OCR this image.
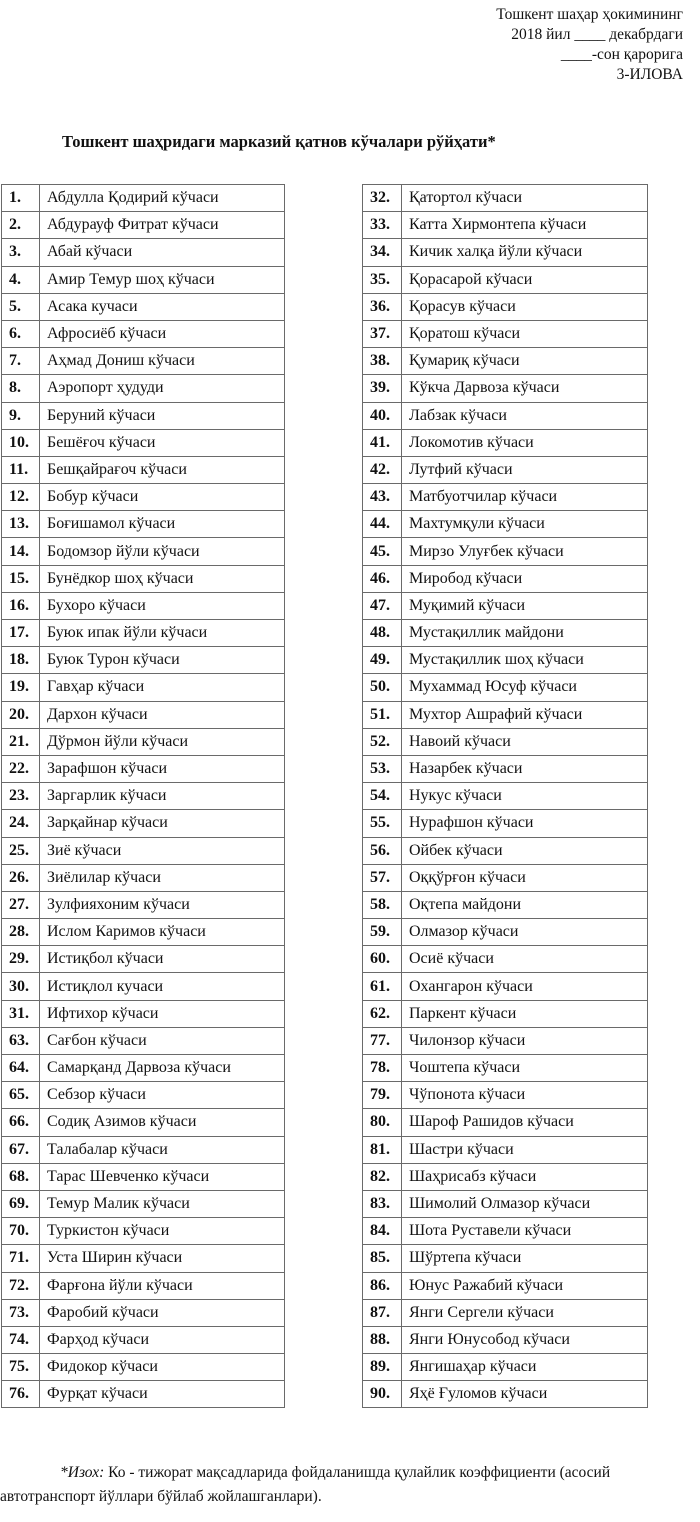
Тошкент шаҳар ҳокимининг
2018 йил ____ декабрдаги
____-сон қарорига
3-ИЛОВА
Тошкент шаҳридаги марказий қатнов кўчалари рўйҳати*
1.	Абдулла Қодирий кўчаси
2.	Абдурауф Фитрат кўчаси
3.	Абай кўчаси
4.	Амир Темур шоҳ кўчаси
5.	Асака кучаси
6.	Афросиёб кўчаси
7.	Аҳмад Дониш кўчаси
8.	Аэропорт ҳудуди
9.	Беруний кўчаси
10.	Бешёғоч кўчаси
11.	Бешқайрағоч кўчаси
12.	Бобур кўчаси
13.	Боғишамол кўчаси
14.	Бодомзор йўли кўчаси
15.	Бунёдкор шоҳ кўчаси
16.	Бухоро кўчаси
17.	Буюк ипак йўли кўчаси
18.	Буюк Турон кўчаси
19.	Гавҳар кўчаси
20.	Дархон кўчаси
21.	Дўрмон йўли кўчаси
22.	Зарафшон кўчаси
23.	Заргарлик кўчаси
24.	Зарқайнар кўчаси
25.	Зиё кўчаси
26.	Зиёлилар кўчаси
27.	Зулфияхоним кўчаси
28.	Ислом Каримов кўчаси
29.	Истиқбол кўчаси
30.	Истиқлол кучаси
31.	Ифтихор кўчаси
63.	Сағбон кўчаси
64.	Самарқанд Дарвоза кўчаси
65.	Себзор кўчаси
66.	Содиқ Азимов кўчаси
67.	Талабалар кўчаси
68.	Тарас Шевченко кўчаси
69.	Темур Малик кўчаси
70.	Туркистон кўчаси
71.	Уста Ширин кўчаси
72.	Фарғона йўли кўчаси
73.	Фаробий кўчаси
74.	Фарҳод кўчаси
75.	Фидокор кўчаси
76.	Фурқат кўчаси
32.	Қатортол кўчаси
33.	Катта Хирмонтепа кўчаси
34.	Кичик халқа йўли кўчаси
35.	Қорасарой кўчаси
36.	Қорасув кўчаси
37.	Қоратош кўчаси
38.	Қумариқ кўчаси
39.	Кўкча Дарвоза кўчаси
40.	Лабзак кўчаси
41.	Локомотив кўчаси
42.	Лутфий кўчаси
43.	Матбуотчилар кўчаси
44.	Махтумқули кўчаси
45.	Мирзо Улуғбек кўчаси
46.	Миробод кўчаси
47.	Муқимий кўчаси
48.	Мустақиллик майдони
49.	Мустақиллик шоҳ кўчаси
50.	Мухаммад Юсуф кўчаси
51.	Мухтор Ашрафий кўчаси
52.	Навоий кўчаси
53.	Назарбек кўчаси
54.	Нукус кўчаси
55.	Нурафшон кўчаси
56.	Ойбек кўчаси
57.	Оққўрғон кўчаси
58.	Оқтепа майдони
59.	Олмазор кўчаси
60.	Осиё кўчаси
61.	Охангарон кўчаси
62.	Паркент кўчаси
77.	Чилонзор кўчаси
78.	Чоштепа кўчаси
79.	Чўпонота кўчаси
80.	Шароф Рашидов кўчаси
81.	Шастри кўчаси
82.	Шаҳрисабз кўчаси
83.	Шимолий Олмазор кўчаси
84.	Шота Руставели кўчаси
85.	Шўртепа кўчаси
86.	Юнус Ражабий кўчаси
87.	Янги Сергели кўчаси
88.	Янги Юнусобод кўчаси
89.	Янгишаҳар кўчаси
90.	Яҳё Ғуломов кўчаси
*Изох: Ко - тижорат мақсадларида фойдаланишда қулайлик коэффициенти (асосий
автотранспорт йўллари бўйлаб жойлашганлари).
